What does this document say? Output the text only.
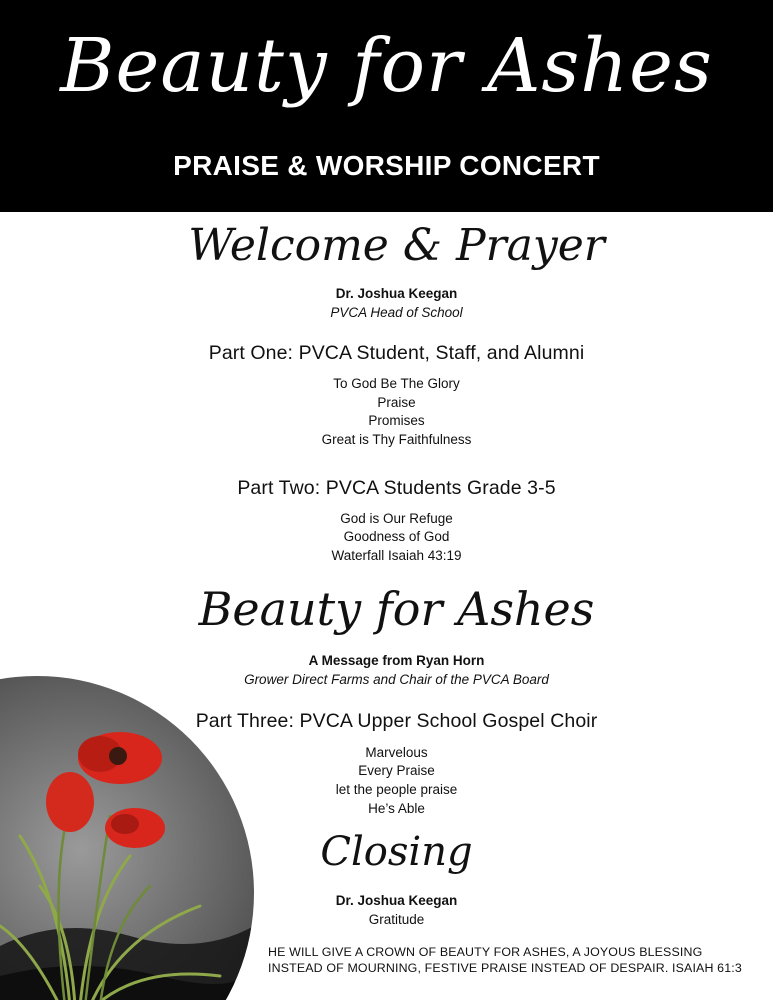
Beauty for Ashes
PRAISE & WORSHIP CONCERT
Welcome & Prayer
Dr. Joshua Keegan
PVCA Head of School
Part One: PVCA Student, Staff, and Alumni
To God Be The Glory
Praise
Promises
Great is Thy Faithfulness
Part Two: PVCA Students Grade 3-5
God is Our Refuge
Goodness of God
Waterfall Isaiah 43:19
Beauty for Ashes
A Message from Ryan Horn
Grower Direct Farms and Chair of the PVCA Board
Part Three: PVCA Upper School Gospel Choir
Marvelous
Every Praise
let the people praise
He’s Able
Closing
Dr. Joshua Keegan
Gratitude
HE WILL GIVE A CROWN OF BEAUTY FOR ASHES, A JOYOUS BLESSING
INSTEAD OF MOURNING, FESTIVE PRAISE INSTEAD OF DESPAIR. ISAIAH 61:3
